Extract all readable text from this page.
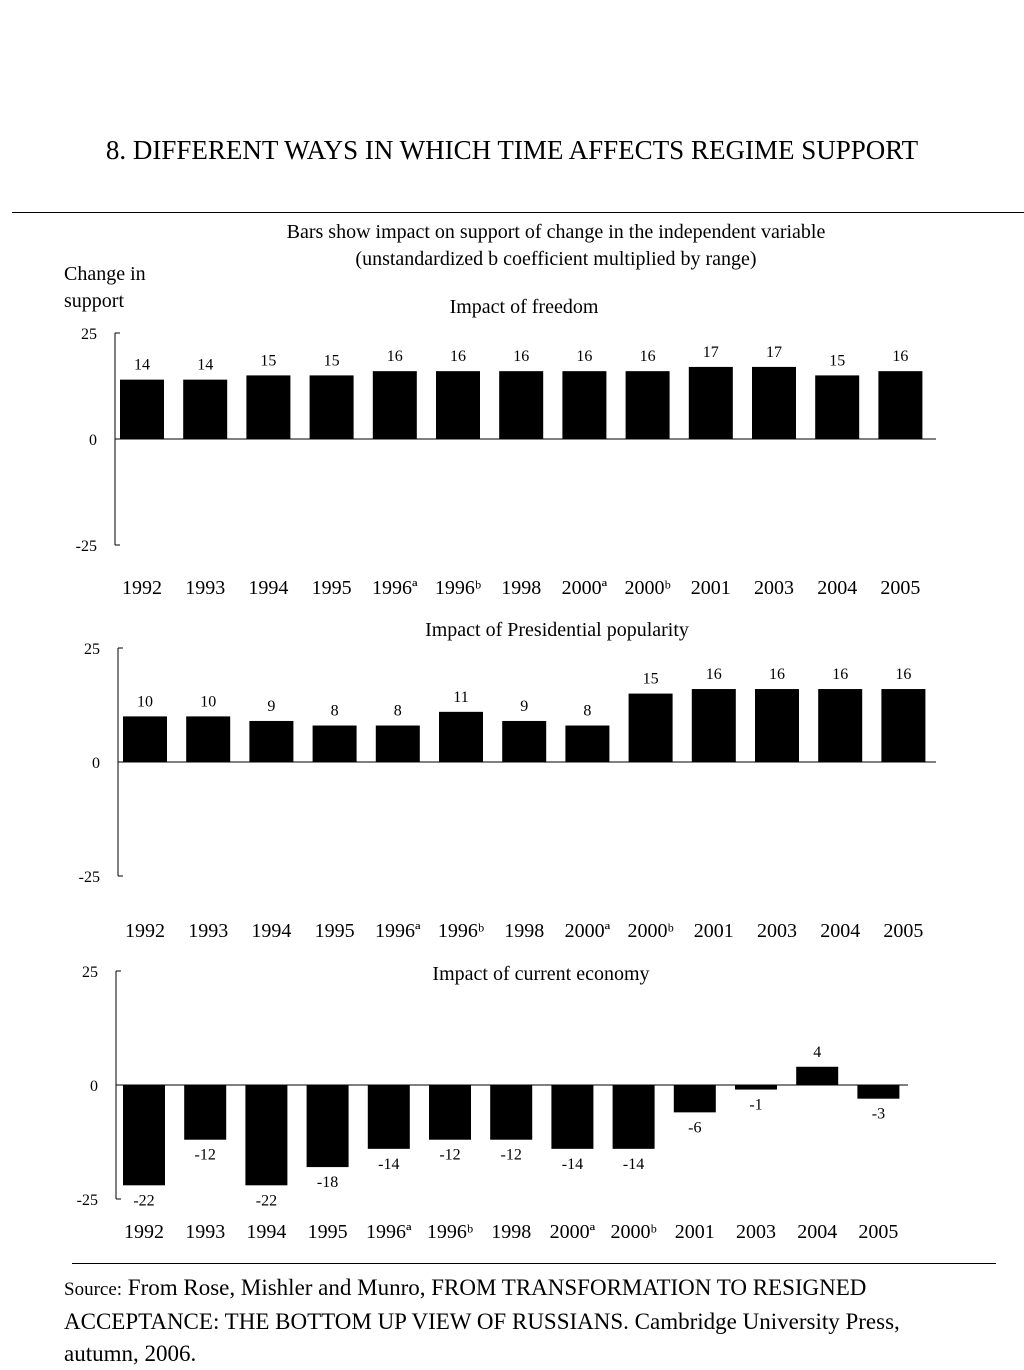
8. DIFFERENT WAYS IN WHICH TIME AFFECTS REGIME SUPPORT
Bars show impact on support of change in the independent variable (unstandardized b coefficient multiplied by range)
Change in support
25
0
-25
Impact of freedom
14	14	15	15	16	16	16	16	16	17	17	15	16
1992 1993 1994 1995 1996ª 1996ᵇ 1998 2000ª 2000ᵇ 2001 2003 2004 2005
25
0
-25
Impact of Presidential popularity
10	10	9	8	8
11
9	8
15	16	16	16	16
1992 1993 1994 1995 1996ª 1996ᵇ 1998 2000ª 2000ᵇ 2001 2003 2004 2005
25
0
-25
Impact of current economy
-22
-12
-22
-18
-14
-12 -12
-14 -14
-6
-1
4
-3
1992 1993 1994 1995 1996ª 1996ᵇ 1998 2000ª 2000ᵇ 2001 2003 2004 2005
Source: From Rose, Mishler and Munro, FROM TRANSFORMATION TO RESIGNED
ACCEPTANCE: THE BOTTOM UP VIEW OF RUSSIANS. Cambridge University Press,
autumn, 2006.
